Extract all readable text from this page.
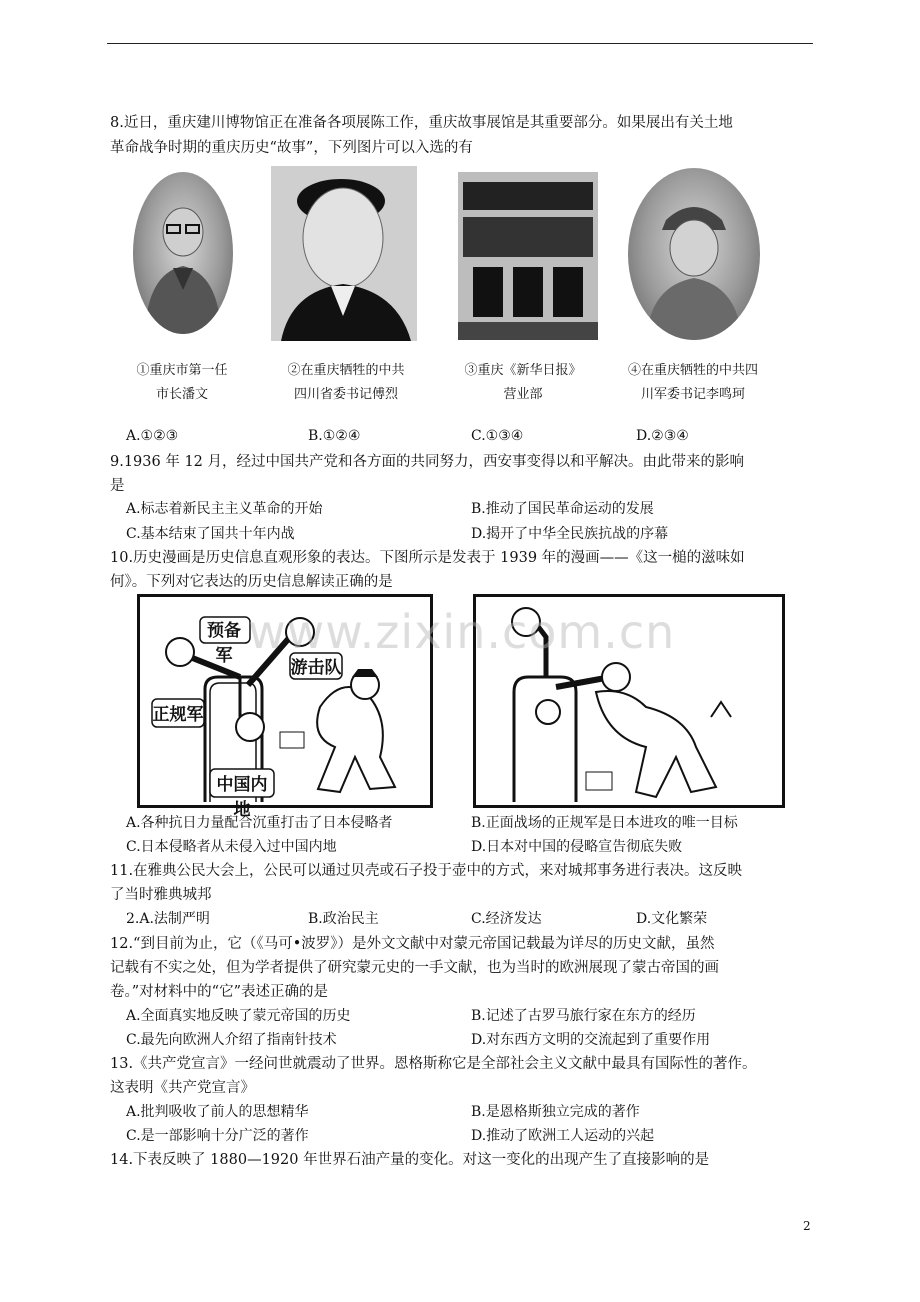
8.近日，重庆建川博物馆正在准备各项展陈工作，重庆故事展馆是其重要部分。如果展出有关土地
革命战争时期的重庆历史“故事”，下列图片可以入选的有
①重庆市第一任
市长潘文
②在重庆牺牲的中共
四川省委书记傅烈
③重庆《新华日报》
营业部
④在重庆牺牲的中共四
川军委书记李鸣珂
A.①②③	B.①②④	C.①③④	D.②③④
9.1936 年 12 月，经过中国共产党和各方面的共同努力，西安事变得以和平解决。由此带来的影响
是
A.标志着新民主主义革命的开始	B.推动了国民革命运动的发展
C.基本结束了国共十年内战	D.揭开了中华全民族抗战的序幕
10.历史漫画是历史信息直观形象的表达。下图所示是发表于 1939 年的漫画——《这一槌的滋味如
何》。下列对它表达的历史信息解读正确的是
预备军
游击队
正规军
中国内地
www.zixin.com.cn
A.各种抗日力量配合沉重打击了日本侵略者	B.正面战场的正规军是日本进攻的唯一目标
C.日本侵略者从未侵入过中国内地	D.日本对中国的侵略宣告彻底失败
11.在雅典公民大会上，公民可以通过贝壳或石子投于壶中的方式，来对城邦事务进行表决。这反映
了当时雅典城邦
2.A.法制严明	B.政治民主	C.经济发达	D.文化繁荣
12.“到目前为止，它（《马可•波罗》）是外文文献中对蒙元帝国记载最为详尽的历史文献，虽然
记载有不实之处，但为学者提供了研究蒙元史的一手文献，也为当时的欧洲展现了蒙古帝国的画
卷。”对材料中的“它”表述正确的是
A.全面真实地反映了蒙元帝国的历史	B.记述了古罗马旅行家在东方的经历
C.最先向欧洲人介绍了指南针技术	D.对东西方文明的交流起到了重要作用
13.《共产党宣言》一经问世就震动了世界。恩格斯称它是全部社会主义文献中最具有国际性的著作。
这表明《共产党宣言》
A.批判吸收了前人的思想精华	B.是恩格斯独立完成的著作
C.是一部影响十分广泛的著作	D.推动了欧洲工人运动的兴起
14.下表反映了 1880—1920 年世界石油产量的变化。对这一变化的出现产生了直接影响的是
2
